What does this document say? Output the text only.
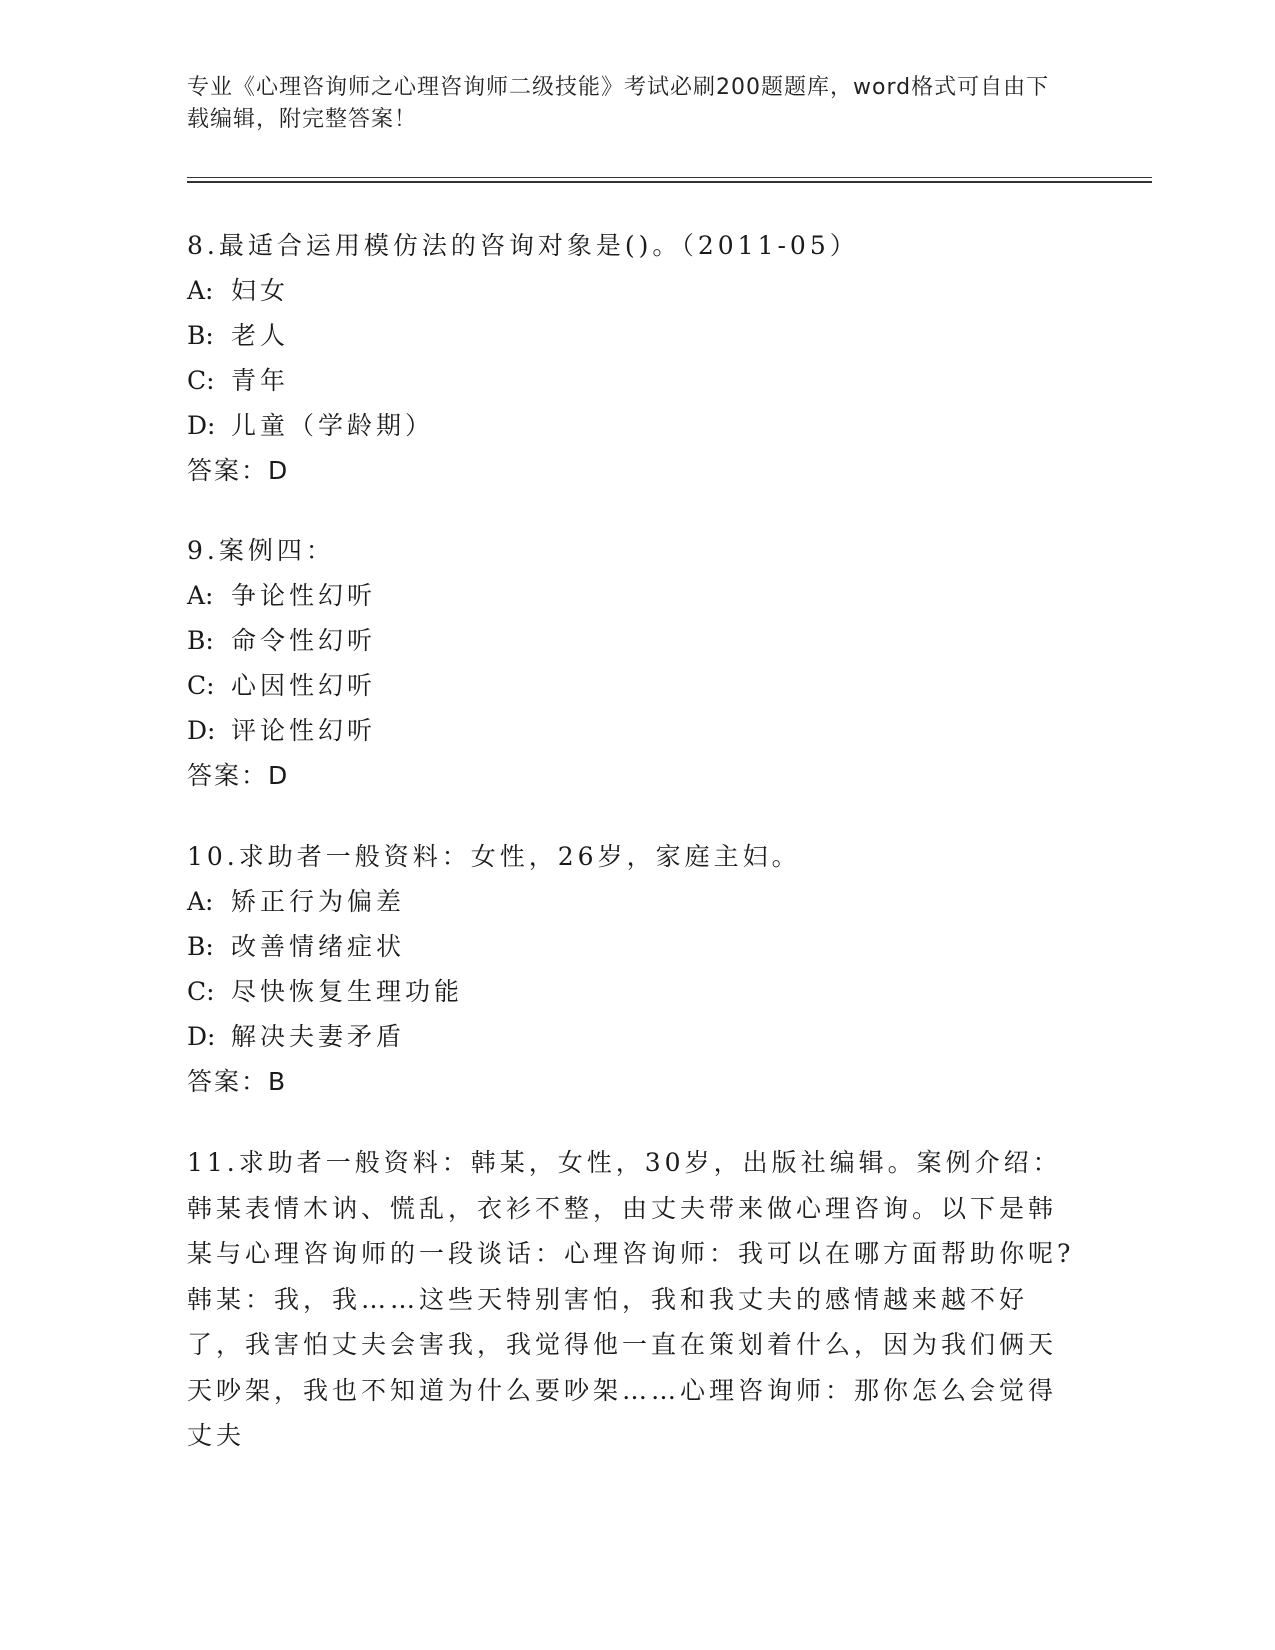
专业《心理咨询师之心理咨询师二级技能》考试必刷200题题库，word格式可自由下载编辑，附完整答案！
8.最适合运用模仿法的咨询对象是()。（2011-05）
A: 妇女
B: 老人
C: 青年
D: 儿童（学龄期）
答案：D
9.案例四：
A: 争论性幻听
B: 命令性幻听
C: 心因性幻听
D: 评论性幻听
答案：D
10.求助者一般资料：女性，26岁，家庭主妇。
A: 矫正行为偏差
B: 改善情绪症状
C: 尽快恢复生理功能
D: 解决夫妻矛盾
答案：B
11.求助者一般资料：韩某，女性，30岁，出版社编辑。案例介绍：韩某表情木讷、慌乱，衣衫不整，由丈夫带来做心理咨询。以下是韩某与心理咨询师的一段谈话：心理咨询师：我可以在哪方面帮助你呢?韩某：我，我……这些天特别害怕，我和我丈夫的感情越来越不好了，我害怕丈夫会害我，我觉得他一直在策划着什么，因为我们俩天天吵架，我也不知道为什么要吵架……心理咨询师：那你怎么会觉得丈夫
